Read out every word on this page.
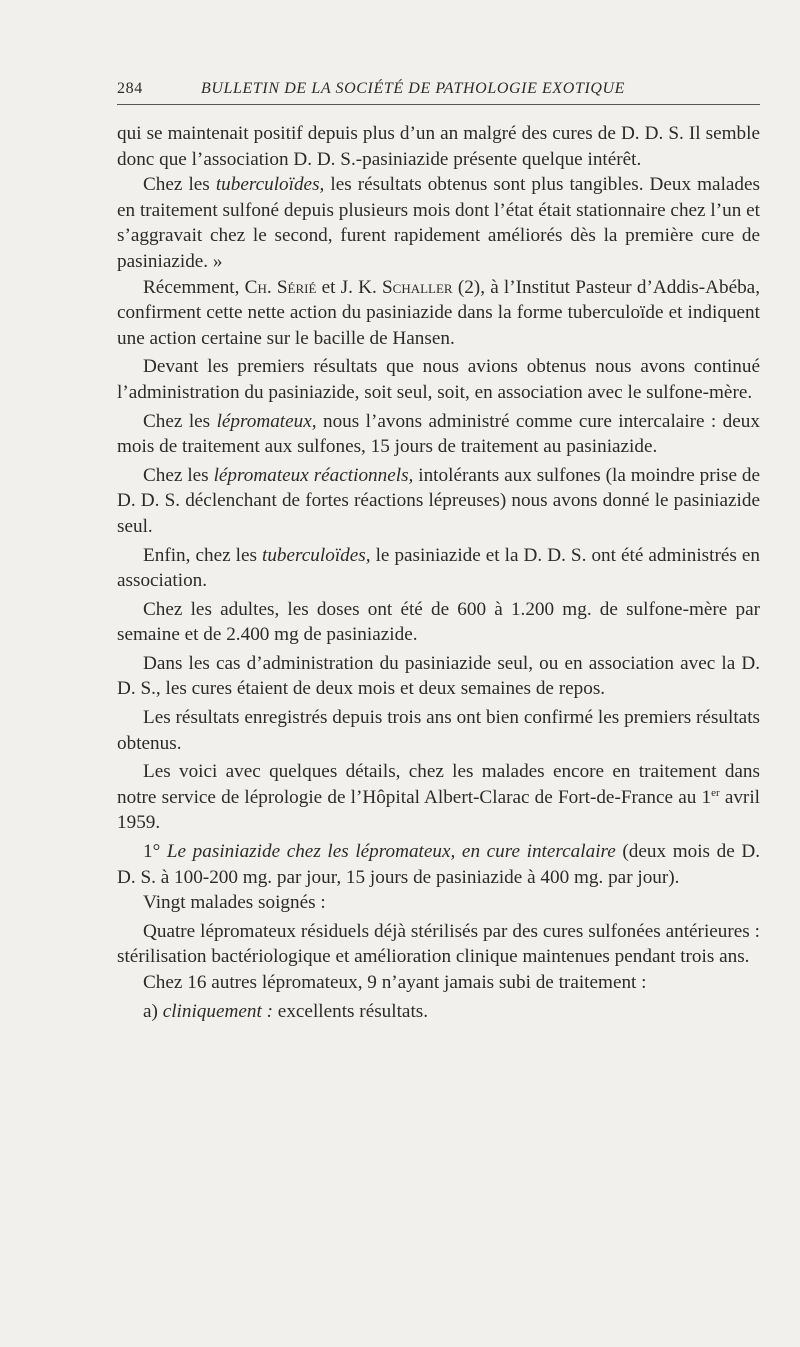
284	BULLETIN DE LA SOCIÉTÉ DE PATHOLOGIE EXOTIQUE

qui se maintenait positif depuis plus d’un an malgré des cures de D. D. S. Il semble donc que l’association D. D. S.-pasiniazide présente quelque intérêt.

Chez les tuberculoïdes, les résultats obtenus sont plus tangibles. Deux malades en traitement sulfoné depuis plusieurs mois dont l’état était stationnaire chez l’un et s’aggravait chez le second, furent rapidement améliorés dès la première cure de pasiniazide. »

Récemment, Ch. Sérié et J. K. Schaller (2), à l’Institut Pasteur d’Addis-Abéba, confirment cette nette action du pasiniazide dans la forme tuberculoïde et indiquent une action certaine sur le bacille de Hansen.

Devant les premiers résultats que nous avions obtenus nous avons continué l’administration du pasiniazide, soit seul, soit, en association avec le sulfone-mère.

Chez les lépromateux, nous l’avons administré comme cure intercalaire : deux mois de traitement aux sulfones, 15 jours de traitement au pasiniazide.

Chez les lépromateux réactionnels, intolérants aux sulfones (la moindre prise de D. D. S. déclenchant de fortes réactions lépreuses) nous avons donné le pasiniazide seul.

Enfin, chez les tuberculoïdes, le pasiniazide et la D. D. S. ont été administrés en association.

Chez les adultes, les doses ont été de 600 à 1.200 mg. de sulfone-mère par semaine et de 2.400 mg de pasiniazide.

Dans les cas d’administration du pasiniazide seul, ou en association avec la D. D. S., les cures étaient de deux mois et deux semaines de repos.

Les résultats enregistrés depuis trois ans ont bien confirmé les premiers résultats obtenus.

Les voici avec quelques détails, chez les malades encore en traitement dans notre service de léprologie de l’Hôpital Albert-Clarac de Fort-de-France au 1er avril 1959.

1° Le pasiniazide chez les lépromateux, en cure intercalaire (deux mois de D. D. S. à 100-200 mg. par jour, 15 jours de pasiniazide à 400 mg. par jour).

Vingt malades soignés :

Quatre lépromateux résiduels déjà stérilisés par des cures sulfonées antérieures : stérilisation bactériologique et amélioration clinique maintenues pendant trois ans.

Chez 16 autres lépromateux, 9 n’ayant jamais subi de traitement :

a) cliniquement : excellents résultats.
